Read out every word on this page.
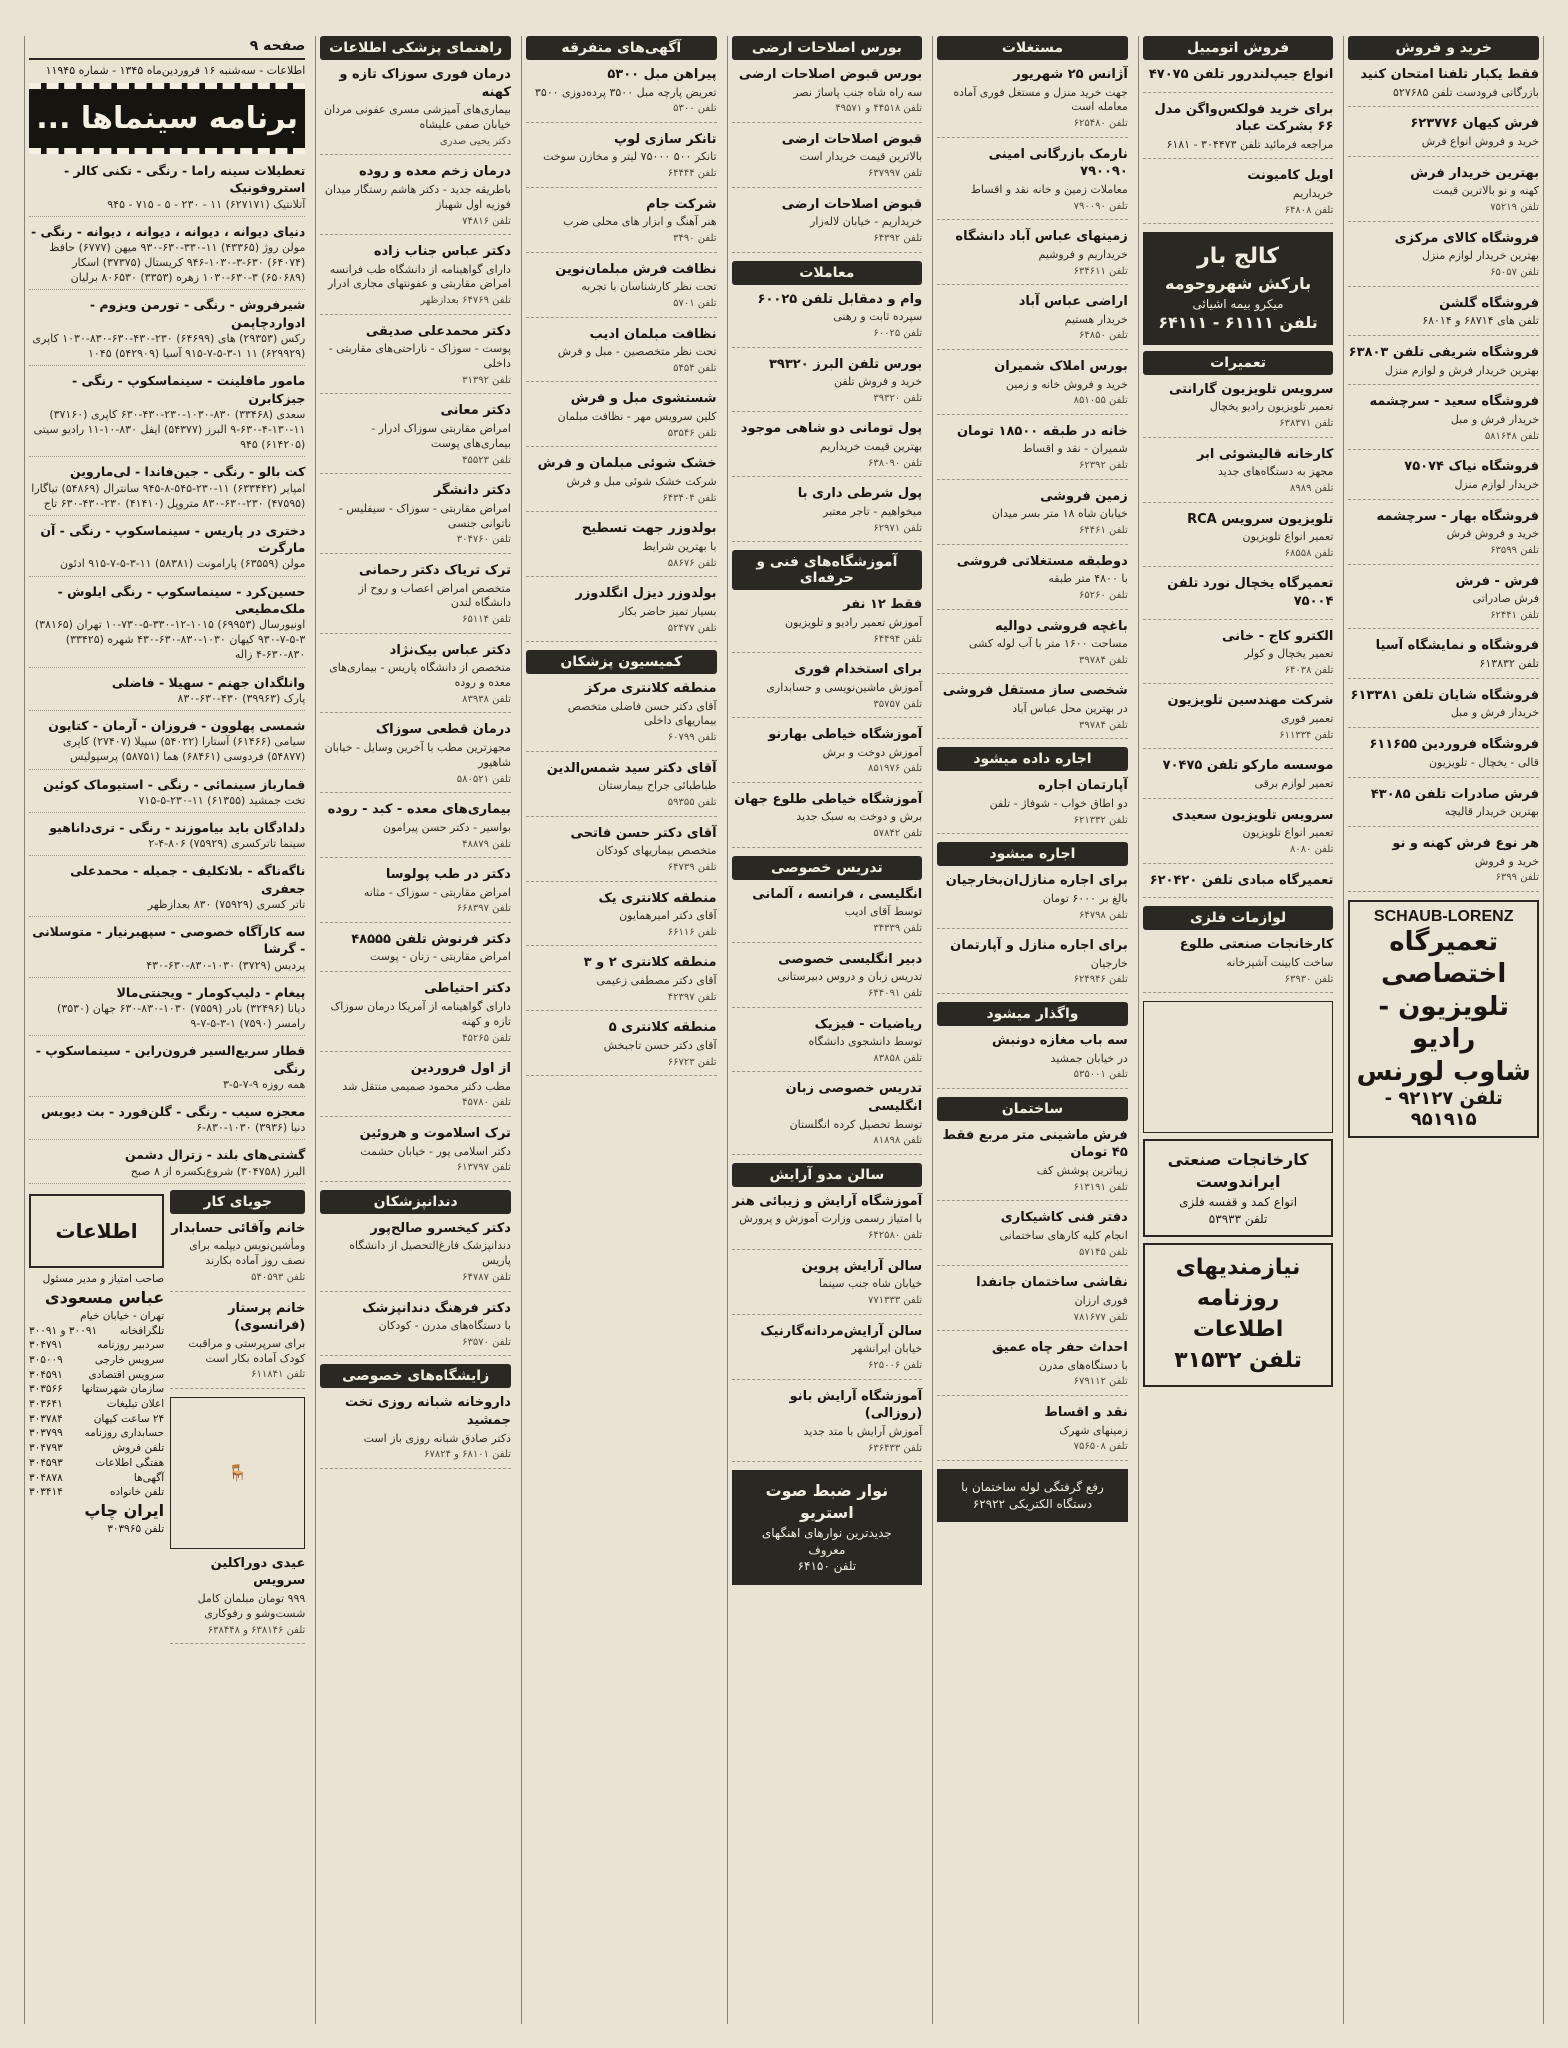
خرید و فروش
فقط یکبار تلفنا امتحان کنید
بازرگانی فرودست تلفن ۵۲۷۶۸۵
فرش کیهان ۶۲۳۷۷۶
خرید و فروش انواع فرش
بهترین خریدار فرش
کهنه و نو بالاترین قیمت
تلفن ۷۵۲۱۹
فروشگاه کالای مرکزی
بهترین خریدار لوازم منزل
تلفن ۶۵۰۵۷
فروشگاه گلشن
تلفن های ۶۸۷۱۴ و ۶۸۰۱۴
فروشگاه شریفی تلفن ۶۳۸۰۳
بهترین خریدار فرش و لوازم منزل
فروشگاه سعید - سرچشمه
خریدار فرش و مبل
تلفن ۵۸۱۶۴۸
فروشگاه نیاک ۷۵۰۷۴
خریدار لوازم منزل
فروشگاه بهار - سرچشمه
خرید و فروش فرش
تلفن ۶۳۵۹۹
فرش - فرش
فرش صادراتی
تلفن ۶۲۴۴۱
فروشگاه و نمایشگاه آسیا
تلفن ۶۱۳۸۳۲
فروشگاه شایان تلفن ۶۱۳۳۸۱
خریدار فرش و مبل
فروشگاه فروردین ۶۱۱۶۵۵
قالی - یخچال - تلویزیون
فرش صادرات تلفن ۴۳۰۸۵
بهترین خریدار قالیچه
هر نوع فرش کهنه و نو
خرید و فروش
تلفن ۶۳۹۹
SCHAUB-LORENZ
تعمیرگاه اختصاصی
تلویزیون - رادیو
شاوب لورنس
تلفن ۹۲۱۲۷ - ۹۵۱۹۱۵
فروش اتومبیل
انواع جیپ‌لندرور تلفن ۴۷۰۷۵
برای خرید فولکس‌واگن مدل ۶۶ بشرکت عباد
مراجعه فرمائید تلفن ۳۰۴۴۷۳ - ۶۱۸۱
اویل کامیونت
خریداریم
تلفن ۶۴۸۰۸
کالج بار
بارکش شهروحومه
میکرو بیمه اشیائی
تلفن ۶۱۱۱۱ - ۶۴۱۱۱
تعمیرات
سرویس تلویزیون گارانتی
تعمیر تلویزیون رادیو یخچال
تلفن ۶۳۸۳۷۱
کارخانه قالیشوئی ابر
مجهز به دستگاه‌های جدید
تلفن ۸۹۸۹
تلویزیون سرویس RCA
تعمیر انواع تلویزیون
تلفن ۶۸۵۵۸
تعمیرگاه یخچال نورد تلفن ۷۵۰۰۴
الکترو کاج - خانی
تعمیر یخچال و کولر
تلفن ۶۴۰۳۸
شرکت مهندسین تلویزیون
تعمیر فوری
تلفن ۶۱۱۳۳۴
موسسه مارکو تلفن ۷۰۴۷۵
تعمیر لوازم برقی
سرویس تلویزیون سعیدی
تعمیر انواع تلویزیون
تلفن ۸۰۸۰
تعمیرگاه مبادی تلفن ۶۲۰۴۲۰
لوازمات فلزی
کارخانجات صنعتی طلوع
ساخت کابینت آشپزخانه
تلفن ۶۳۹۳۰
کارخانجات صنعتی ایراندوست
انواع کمد و قفسه فلزی
تلفن ۵۳۹۳۳
نیازمندیهای
روزنامه اطلاعات
تلفن ۳۱۵۳۲
مستغلات
آژانس ۲۵ شهریور
جهت خرید منزل و مستغل فوری آماده معامله است
تلفن ۶۲۵۴۸۰
نارمک بازرگانی امینی ۷۹۰۰۹۰
معاملات زمین و خانه نقد و اقساط
تلفن ۷۹۰۰۹۰
زمینهای عباس آباد دانشگاه
خریداریم و فروشیم
تلفن ۶۳۴۶۱۱
اراضی عباس آباد
خریدار هستیم
تلفن ۶۴۸۵۰
بورس املاک شمیران
خرید و فروش خانه و زمین
تلفن ۸۵۱۰۵۵
خانه در طبقه ۱۸۵۰۰ تومان
شمیران - نقد و اقساط
تلفن ۶۲۳۹۲
زمین فروشی
خیابان شاه ۱۸ متر بسر میدان
تلفن ۶۴۴۶۱
دوطبقه مستغلاتی فروشی
با ۴۸۰۰ متر طبقه
تلفن ۶۵۲۶۰
باغچه فروشی دوالیه
مساحت ۱۶۰۰ متر با آب لوله کشی
تلفن ۳۹۷۸۴
شخصی ساز مستقل فروشی
در بهترین محل عباس آباد
تلفن ۳۹۷۸۴
اجاره داده میشود
آپارتمان اجاره
دو اطاق خواب - شوفاژ - تلفن
تلفن ۶۲۱۳۳۲
اجاره میشود
برای اجاره منازل‌ان‌بخارجیان
بالغ بر ۶۰۰۰ تومان
تلفن ۶۴۷۹۸
برای اجاره منازل و آپارتمان
خارجیان
تلفن ۶۲۴۹۴۶
واگذار میشود
سه باب مغازه دونبش
در خیابان جمشید
تلفن ۵۳۵۰۰۱
ساختمان
فرش ماشینی متر مربع فقط ۴۵ تومان
زیباترین پوشش کف
تلفن ۶۱۳۱۹۱
دفتر فنی کاشیکاری
انجام کلیه کارهای ساختمانی
تلفن ۵۷۱۴۵
نقاشی ساختمان جانفدا
فوری ارزان
تلفن ۷۸۱۶۷۷
احداث حفر چاه عمیق
با دستگاه‌های مدرن
تلفن ۶۷۹۱۱۲
نقد و اقساط
زمینهای شهرک
تلفن ۷۵۶۵۰۸
رفع گرفتگی لوله ساختمان با دستگاه الکتریکی ۶۲۹۲۲
بورس اصلاحات ارضی
بورس قبوض اصلاحات ارضی
سه راه شاه جنب پاساژ نصر
تلفن ۴۴۵۱۸ و ۴۹۵۷۱
قبوض اصلاحات ارضی
بالاترین قیمت خریدار است
تلفن ۶۳۷۹۹۷
قبوض اصلاحات ارضی
خریداریم - خیابان لاله‌زار
تلفن ۶۴۳۹۲
معاملات
وام و دمقابل تلفن ۶۰۰۲۵
سپرده ثابت و رهنی
تلفن ۶۰۰۲۵
بورس تلفن البرز ۳۹۳۲۰
خرید و فروش تلفن
تلفن ۳۹۳۲۰
پول تومانی دو شاهی موجود
بهترین قیمت خریداریم
تلفن ۶۳۸۰۹۰
پول شرطی داری با
میخواهیم - تاجر معتبر
تلفن ۶۲۹۷۱
آموزشگاه‌های فنی و حرفه‌ای
فقط ۱۲ نفر
آموزش تعمیر رادیو و تلویزیون
تلفن ۶۴۴۹۴
برای استخدام فوری
آموزش ماشین‌نویسی و حسابداری
تلفن ۳۵۷۵۷
آموزشگاه خیاطی بهارنو
آموزش دوخت و برش
تلفن ۸۵۱۹۷۶
آموزشگاه خیاطی طلوع جهان
برش و دوخت به سبک جدید
تلفن ۵۷۸۴۲
تدریس خصوصی
انگلیسی ، فرانسه ، آلمانی
توسط آقای ادیب
تلفن ۳۴۳۳۹
دبیر انگلیسی خصوصی
تدریس زبان و دروس دبیرستانی
تلفن ۶۴۴۰۹۱
ریاضیات - فیزیک
توسط دانشجوی دانشگاه
تلفن ۸۳۸۵۸
تدریس خصوصی زبان انگلیسی
توسط تحصیل کرده انگلستان
تلفن ۸۱۸۹۸
سالن مدو آرایش
آموزشگاه آرایش و زیبائی هنر
با امتیاز رسمی وزارت آموزش و پرورش
تلفن ۶۴۲۵۸۰
سالن آرایش پروین
خیابان شاه جنب سینما
تلفن ۷۷۱۳۳۳
سالن آرایش‌مردانه‌گارنیک
خیابان ایرانشهر
تلفن ۶۲۵۰۰۶
آموزشگاه آرایش بانو (روزالی)
آموزش آرایش با متد جدید
تلفن ۶۳۶۴۳۳
نوار ضبط صوت استریو
جدیدترین نوارهای اهنگهای معروف
تلفن ۶۴۱۵۰
آگهی‌های متفرقه
پیراهن مبل ۵۳۰۰
تعریض پارچه مبل ۳۵۰۰ پرده‌دوزی ۳۵۰۰
تلفن ۵۳۰۰
تانکر سازی لوپ
تانکر ۵۰۰ ۷۵۰۰۰ لیتر و مخازن سوخت
تلفن ۶۴۴۴۴
شرکت جام
هنر آهنگ و ابزار های محلی ضرب
تلفن ۳۴۹۰
نظافت فرش مبلمان‌نوین
تحت نظر کارشناسان با تجربه
تلفن ۵۷۰۱
نظافت مبلمان ادیب
تحت نظر متخصصین - مبل و فرش
تلفن ۵۴۵۴
شستشوی مبل و فرش
کلین سرویس مهر - نظافت مبلمان
تلفن ۵۳۵۴۶
خشک شوئی مبلمان و فرش
شرکت خشک شوئی مبل و فرش
تلفن ۶۴۳۴۰۴
بولدوزر جهت تسطیح
با بهترین شرایط
تلفن ۵۸۶۷۶
بولدوزر دیزل انگلدوزر
بسیار تمیز حاضر بکار
تلفن ۵۲۴۷۷
کمیسیون پزشکان
منطقه کلانتری مرکز
آقای دکتر حسن فاضلی متخصص بیماریهای داخلی
تلفن ۶۰۷۹۹
آقای دکتر سید شمس‌الدین
طباطبائی جراح بیمارستان
تلفن ۵۹۳۵۵
آقای دکتر حسن فاتحی
متخصص بیماریهای کودکان
تلفن ۶۴۷۳۹
منطقه کلانتری یک
آقای دکتر امیرهمایون
تلفن ۶۶۱۱۶
منطقه کلانتری ۲ و ۳
آقای دکتر مصطفی زعیمی
تلفن ۴۲۳۹۷
منطقه کلانتری ۵
آقای دکتر حسن تاجبخش
تلفن ۶۶۷۲۳
راهنمای پزشکی اطلاعات
درمان فوری سوزاک تازه و کهنه
بیماری‌های آمیزشی مسری عفونی مردان خیابان صفی علیشاه
دکتر یحیی صدری
درمان زخم معده و روده
باطریقه جدید - دکتر هاشم رستگار میدان فوزیه اول شهباز
تلفن ۷۴۸۱۶
دکتر عباس جناب زاده
دارای گواهینامه از دانشگاه طب فرانسه امراض مقاربتی و عفونتهای مجاری ادرار
تلفن ۶۴۷۶۹ بعدازظهر
دکتر محمدعلی صدیقی
پوست - سوزاک - ناراحتی‌های مقاربتی - داخلی
تلفن ۳۱۳۹۲
دکتر معانی
امراض مقاربتی سوزاک ادرار - بیماری‌های پوست
تلفن ۴۵۵۲۳
دکتر دانشگر
امراض مقاربتی - سوزاک - سیفلیس - ناتوانی جنسی
تلفن ۳۰۴۷۶۰
ترک تریاک دکتر رحمانی
متخصص امراض اعصاب و روح از دانشگاه لندن
تلفن ۶۵۱۱۴
دکتر عباس بیک‌نژاد
متخصص از دانشگاه پاریس - بیماری‌های معده و روده
تلفن ۸۳۹۳۸
درمان قطعی سوزاک
مجهزترین مطب با آخرین وسایل - خیابان شاهپور
تلفن ۵۸۰۵۲۱
بیماری‌های معده - کبد - روده
بواسیر - دکتر حسن پیرامون
تلفن ۴۸۸۷۹
دکتر در طب پولوسا
امراض مقاربتی - سوزاک - مثانه
تلفن ۶۶۸۳۹۷
دکتر فرنوش تلفن ۴۸۵۵۵
امراض مقاربتی - زنان - پوست
دکتر احتیاطی
دارای گواهینامه از آمریکا درمان سوزاک تازه و کهنه
تلفن ۴۵۲۶۵
از اول فروردین
مطب دکتر محمود صمیمی منتقل شد
تلفن ۴۵۷۸۰
ترک اسلاموت و هروئین
دکتر اسلامی پور - خیابان حشمت
تلفن ۶۱۳۷۹۷
دندانپزشکان
دکتر کیخسرو صالح‌پور
دندانپزشک فارغ‌التحصیل از دانشگاه پاریس
تلفن ۶۴۷۸۷
دکتر فرهنگ دندانپزشک
با دستگاه‌های مدرن - کودکان
تلفن ۶۳۵۷۰
زایشگاه‌های خصوصی
داروخانه شبانه روزی تخت جمشید
دکتر صادق شبانه روزی باز است
تلفن ۶۸۱۰۱ و ۶۷۸۲۴
صفحه ۹
اطلاعات - سه‌شنبه ۱۶ فروردین‌ماه ۱۳۴۵ - شماره ۱۱۹۴۵
برنامه سینماها ...
تعطیلات سینه راما - رنگی - تکنی کالر - استروفونیک
آتلانتیک (۶۲۷۱۷۱) ۱۱ - ۲۳۰ - ۵ - ۷۱۵ - ۹۴۵
دنیای دیوانه ، دیوانه ، دیوانه ، دیوانه - رنگی -
مولن روژ (۴۳۳۶۵) ۱۱-۳۳۰-۶۳۰-۹۳۰ میهن (۶۷۷۷) حافظ (۶۴۰۷۴) ۶۳۰-۳-۱۰۳۰-۹۴۶ کریستال (۳۷۳۷۵) اسکار (۶۵۰۶۸۹) ۳-۶۳۰-۱۰۳۰ زهره (۳۳۵۳) ۸۰۶۵۳۰ برلیان
شیرفروش - رنگی - تورمن ویزوم - ادواردچاپمن
رکس (۲۹۳۵۳) های (۶۴۶۹۹) ۲۳۰-۴۳۰-۶۳۰-۸۳۰-۱۰۳۰ کاپری (۶۲۹۹۲۹) ۱۱ ۱-۳-۵-۷-۹۱۵ آسیا (۵۴۲۹۰۹) ۱۰۴۵
مامور مافلینت - سینماسکوپ - رنگی - جیزکابرن
سعدی (۳۳۴۶۸) ۸۳۰-۱۰۳۰-۲۳۰-۴۳۰-۶۳۰ کاپری (۳۷۱۶۰) ۱۱-۱۳۰-۴-۶۳۰-۹ البرز (۵۴۳۷۷) ایفل ۸۳۰-۱۰-۱۱ رادیو سیتی (۶۱۴۲۰۵) ۹۴۵
کت بالو - رنگی - جین‌فاندا - لی‌ماروین
امپایر (۶۳۳۴۴۲) ۱۱-۲۳۰-۵۴۵-۸-۹۴۵ سانترال (۵۴۸۶۹) تیاگارا (۴۷۵۹۵) ۲۳۰-۶۳۰-۸۳۰ متروپل (۴۱۴۱۰) ۲۳۰-۴۳۰-۶۳۰ تاج
دختری در پاریس - سینماسکوپ - رنگی - آن مارگرت
مولن (۶۳۵۵۹) پارامونت (۵۸۳۸۱) ۱۱-۳-۵-۷-۹۱۵ ادئون
حسین‌کرد - سینماسکوپ - رنگی ایلوش - ملک‌مطیعی
اونیورسال (۶۹۹۵۳) ۱۰۱۵-۱۲-۳۳۰-۵-۷۳۰-۱۰ تهران (۳۸۱۶۵) ۳-۵-۷-۹۳۰ کیهان ۱۰۳۰-۸۳۰-۶۳۰-۴۳۰ شهره (۳۳۴۲۵) ۸۳۰-۶۳۰-۴ زاله
وانلگدان جهنم - سهیلا - فاضلی
پارک (۳۹۹۶۳) ۴۳۰-۶۳۰-۸۳۰
شمسی پهلوون - فروزان - آرمان - کتایون
سیامی (۶۱۴۶۶) آستارا (۵۴۰۲۲) سپیلا (۲۷۴۰۷) کاپری (۵۴۸۷۷) فردوسی (۶۸۴۶۱) هما (۵۸۷۵۱) پرسپولیس
قمارباز سینمائی - رنگی - استیوماک کوئین
تخت جمشید (۶۱۳۵۵) ۱۱-۲۳۰-۵-۷۱۵
دلدادگان باید بیاموزند - رنگی - تری‌داناهیو
سینما تاترکسری (۷۵۹۲۹) ۸۰۶-۴-۲
ناگه‌ناگه - بلاتکلیف - جمیله - محمدعلی جعفری
تاتر کسری (۷۵۹۲۹) ۸۳۰ بعدازظهر
سه کارآگاه خصوصی - سپهبرنیار - متوسلانی - گرشا
پردیس (۳۷۲۹) ۱۰۳۰-۸۳۰-۶۳۰-۴۳۰
پیغام - دلیپ‌کومار - ویجنتی‌مالا
دیانا (۳۲۴۹۶) نادر (۷۵۵۹) ۱۰۳۰-۸۳۰-۶۳۰ جهان (۳۵۳۰) رامسر (۷۵۹۰) ۱-۳-۵-۷-۹
قطار سریع‌السیر فرون‌راین - سینماسکوپ - رنگی
همه روزه ۹-۷-۵-۳
معجزه سیب - رنگی - گلن‌فورد - بت دیویس
دنیا (۳۹۳۶) ۱۰۳۰-۸۳۰-۶
گشتی‌های بلند - زترال دشمن
البرز (۳۰۴۷۵۸) شروع‌یکسره از ۸ صبح
جویای کار
خانم وآقائی حسابدار
ومأشین‌نویس دیپلمه برای نصف روز آماده بکارند
تلفن ۵۴۰۵۹۳
خانم پرستار (فرانسوی)
برای سرپرستی و مراقبت کودک آماده بکار است
تلفن ۶۱۱۸۴۱
🪑
عیدی دوراکلین سرویس
۹۹۹ تومان مبلمان کامل شست‌وشو و رفوکاری
تلفن ۶۳۸۱۴۶ و ۶۳۸۴۴۸
اطلاعات
صاحب امتیاز و مدیر مسئول
عباس مسعودی
تهران - خیابان خیام
تلگرافخانه
۳۰۰۹۱ و ۳۰۰۹۱
سردبیر روزنامه
۳۰۴۷۹۱
سرویس خارجی
۳۰۵۰۰۹
سرویس اقتصادی
۳۰۴۵۹۱
سازمان شهرستانها
۳۰۳۵۶۶
اعلان تبلیغات
۳۰۳۶۴۱
۲۴ ساعت کیهان
۳۰۳۷۸۴
حسابداری روزنامه
۳۰۳۷۹۹
تلفن فروش
۳۰۴۷۹۳
هفتگی اطلاعات
۳۰۴۵۹۳
آگهی‌ها
۳۰۴۸۷۸
تلفن خانواده
۳۰۳۴۱۴
ایران چاپ
تلفن ۳۰۳۹۶۵
